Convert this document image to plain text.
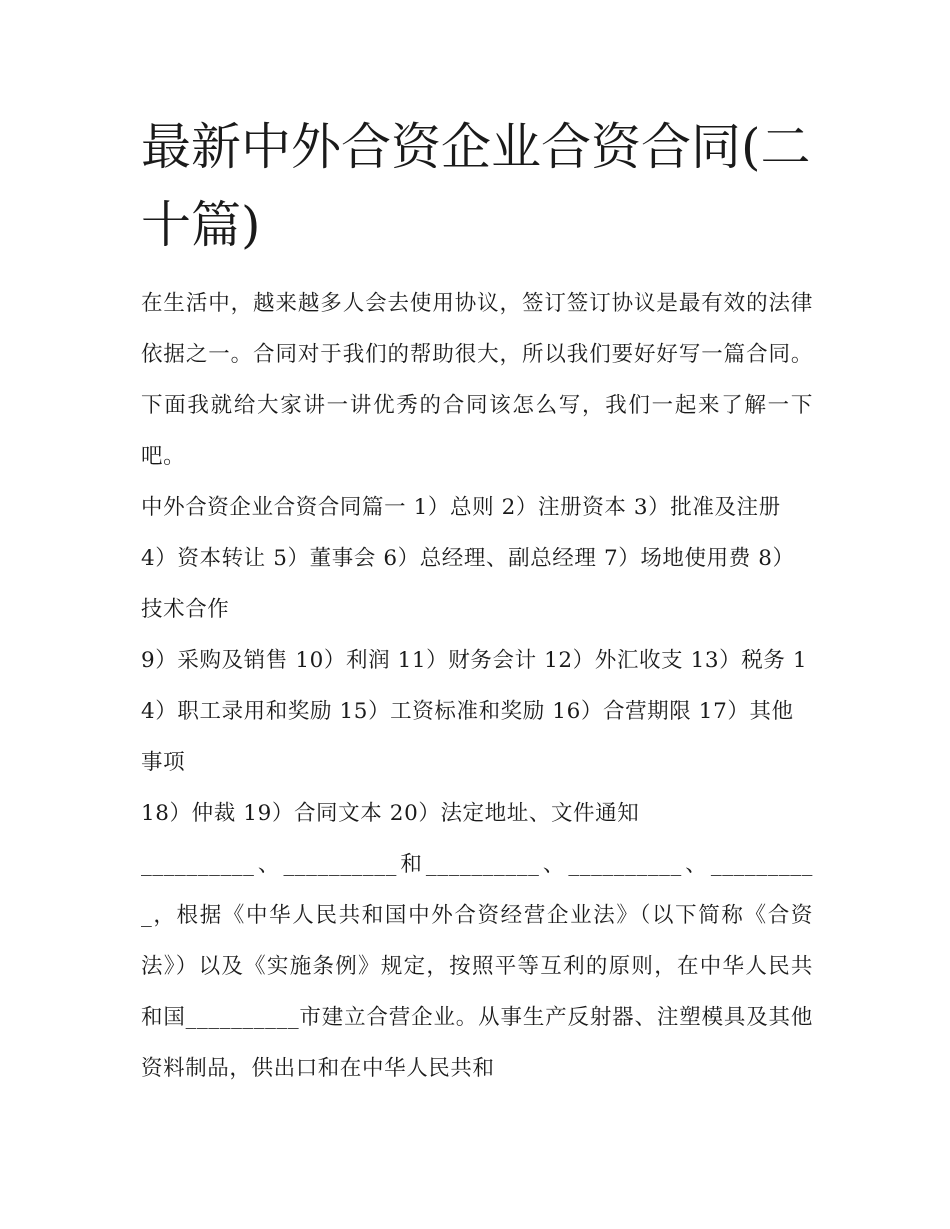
最新中外合资企业合资合同(二十篇)

在生活中，越来越多人会去使用协议，签订签订协议是最有效的法律依据之一。合同对于我们的帮助很大，所以我们要好好写一篇合同。下面我就给大家讲一讲优秀的合同该怎么写，我们一起来了解一下吧。

中外合资企业合资合同篇一 1）总则 2）注册资本 3）批准及注册 4）资本转让 5）董事会 6）总经理、副总经理 7）场地使用费 8）技术合作

9）采购及销售 10）利润 11）财务会计 12）外汇收支 13）税务 14）职工录用和奖励 15）工资标准和奖励 16）合营期限 17）其他事项

18）仲裁 19）合同文本 20）法定地址、文件通知

__________、__________和__________、__________、__________，根据《中华人民共和国中外合资经营企业法》（以下简称《合资法》）以及《实施条例》规定，按照平等互利的原则，在中华人民共和国__________市建立合营企业。从事生产反射器、注塑模具及其他资料制品，供出口和在中华人民共和
